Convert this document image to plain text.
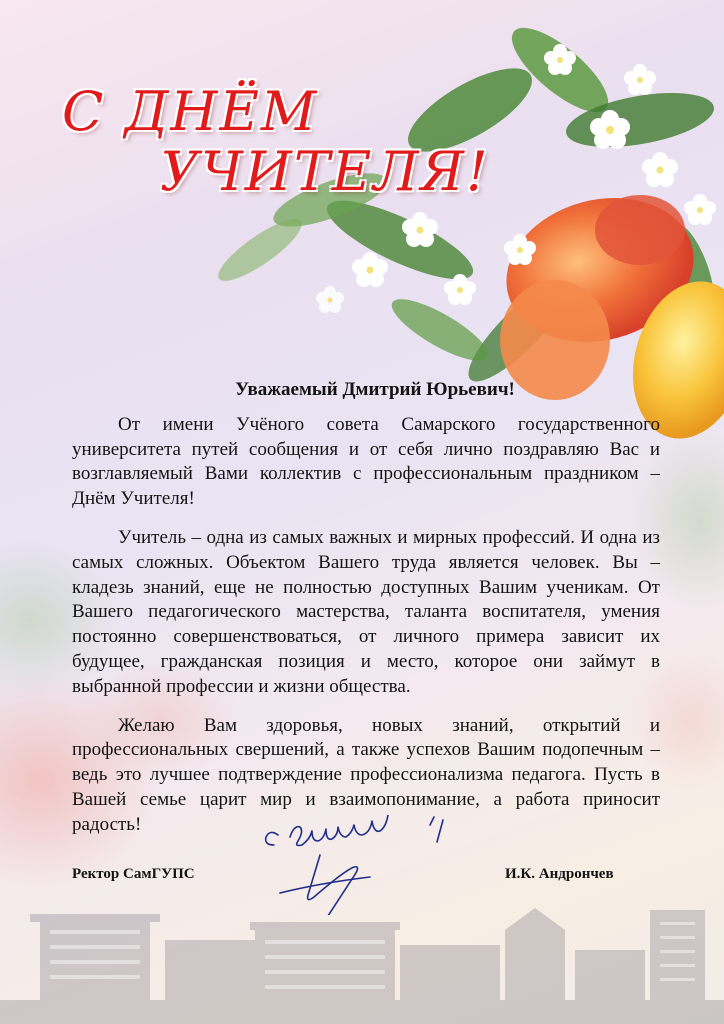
С ДНЁМ
УЧИТЕЛЯ!

Уважаемый Дмитрий Юрьевич!

От имени Учёного совета Самарского государственного университета путей сообщения и от себя лично поздравляю Вас и возглавляемый Вами коллектив с профессиональным праздником – Днём Учителя!

Учитель – одна из самых важных и мирных профессий. И одна из самых сложных. Объектом Вашего труда является человек. Вы – кладезь знаний, еще не полностью доступных Вашим ученикам. От Вашего педагогического мастерства, таланта воспитателя, умения постоянно совершенствоваться, от личного примера зависит их будущее, гражданская позиция и место, которое они займут в выбранной профессии и жизни общества.

Желаю Вам здоровья, новых знаний, открытий и профессиональных свершений, а также успехов Вашим подопечным – ведь это лучшее подтверждение профессионализма педагога. Пусть в Вашей семье царит мир и взаимопонимание, а работа приносит радость!

Ректор СамГУПС	И.К. Андрончев
